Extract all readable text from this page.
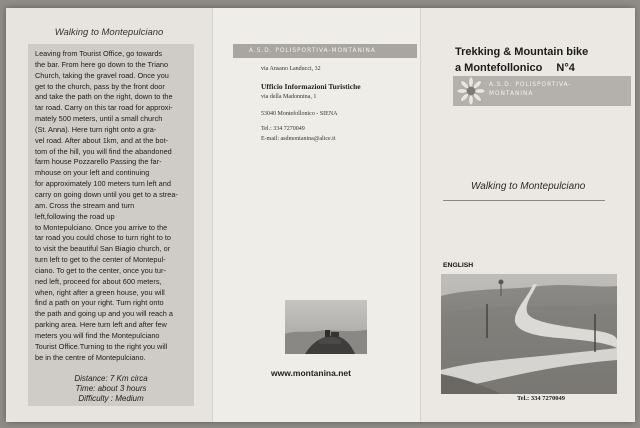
Walking to Montepulciano

Leaving from Tourist Office, go towards
the bar. From here go down to the Triano
Church, taking the gravel road. Once you
get to the church, pass by the front door
and take the path on the right, down to the
tar road. Carry on this tar road for approxi-
mately 500 meters, until a small church
(St. Anna). Here turn right onto a gra-
vel road. After about 1km, and at the bot-
tom of the hill, you will find the abandoned
farm house Pozzarello Passing the far-
mhouse on your left and continuing
for approximately 100 meters turn left and
carry on going down until you get to a strea-
am. Cross the stream and turn
left,following the road up
to Montepulciano. Once you arrive to the
tar road you could chose to turn right to to
to visit the beautiful San Biagio church, or
turn left to get to the center of Montepul-
ciano. To get to the center, once you tur-
ned left, proceed for about 600 meters,
when, right after a green house, you will
find a path on your right. Turn right onto
the path and going up and you will reach a
parking area. Here turn left and after few
meters you will find the Montepulciano
Tourist Office.Turning to the right you will
be in the centre of Montepulciano.

Distance: 7 Km circa
Time: about 3 hours
Difficulty : Medium
A.S.D. POLISPORTIVA-MONTANINA
via Ansano Landucci, 32
Ufficio Informazioni Turistiche
via della Madonnina, 1
53040 Montefollonico - SIENA
Tel.: 334 7270049
E-mail: asdmontanina@alice.it
www.montanina.net
Trekking & Mountain bike
a Montefollonico N°4
A.S.D. POLISPORTIVA-
MONTANINA
Walking to Montepulciano
ENGLISH
Tel.: 334 7270049
